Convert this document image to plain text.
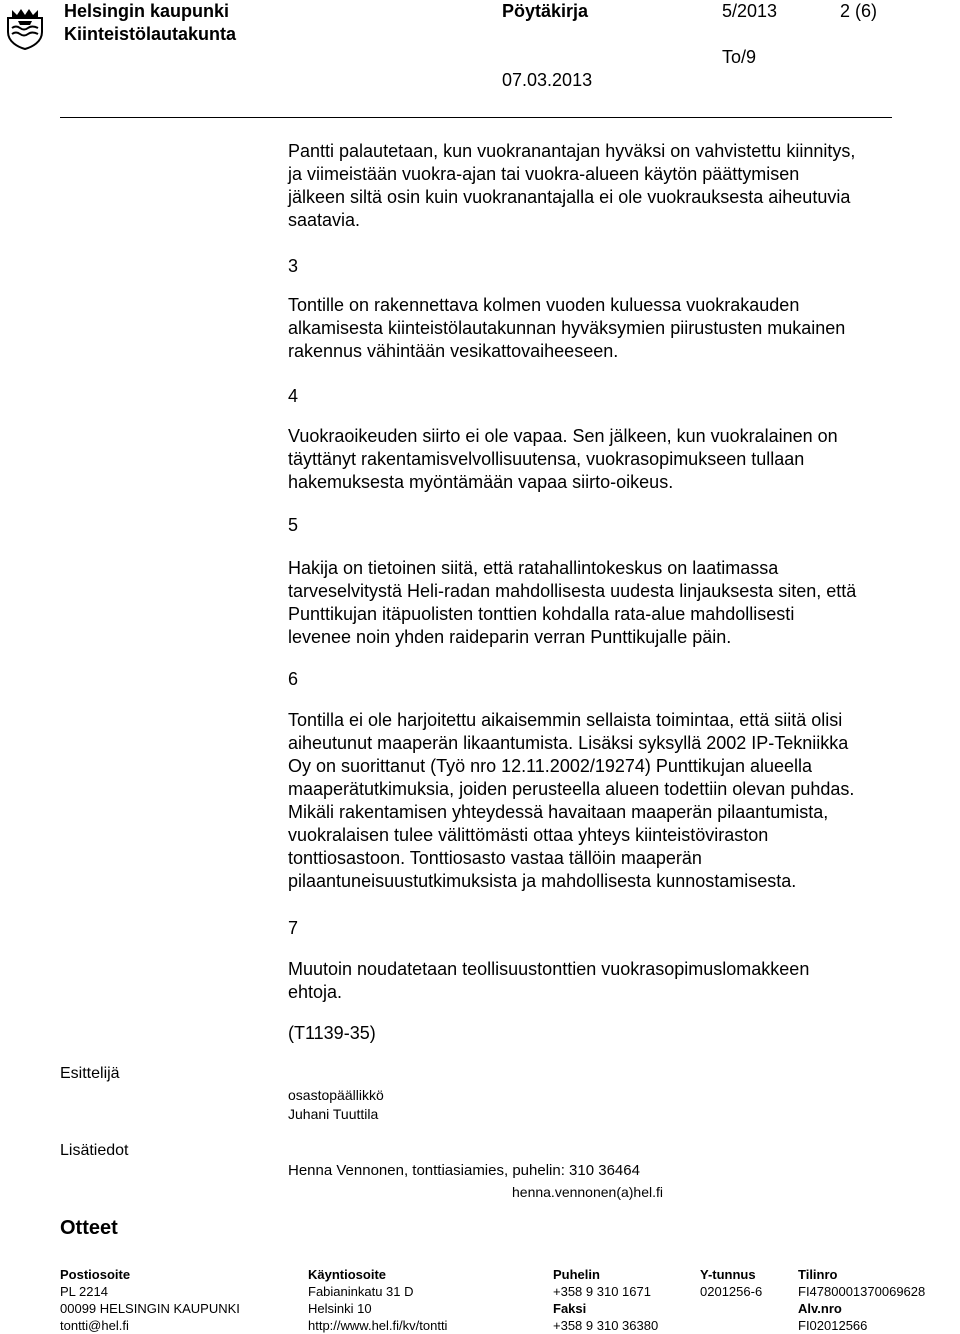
Helsingin kaupunki
Kiinteistölautakunta
Pöytäkirja	5/2013	2 (6)
To/9
07.03.2013

Pantti palautetaan, kun vuokranantajan hyväksi on vahvistettu kiinnitys,

ja viimeistään vuokra-ajan tai vuokra-alueen käytön päättymisen

jälkeen siltä osin kuin vuokranantajalla ei ole vuokrauksesta aiheutuvia

saatavia.

3

Tontille on rakennettava kolmen vuoden kuluessa vuokrakauden

alkamisesta kiinteistölautakunnan hyväksymien piirustusten mukainen

rakennus vähintään vesikattovaiheeseen.

4

Vuokraoikeuden siirto ei ole vapaa. Sen jälkeen, kun vuokralainen on

täyttänyt rakentamisvelvollisuutensa, vuokrasopimukseen tullaan

hakemuksesta myöntämään vapaa siirto-oikeus.

5

Hakija on tietoinen siitä, että ratahallintokeskus on laatimassa

tarveselvitystä Heli-radan mahdollisesta uudesta linjauksesta siten, että

Punttikujan itäpuolisten tonttien kohdalla rata-alue mahdollisesti

levenee noin yhden raideparin verran Punttikujalle päin.

6

Tontilla ei ole harjoitettu aikaisemmin sellaista toimintaa, että siitä olisi

aiheutunut maaperän likaantumista. Lisäksi syksyllä 2002 IP-Tekniikka

Oy on suorittanut (Työ nro 12.11.2002/19274) Punttikujan alueella

maaperätutkimuksia, joiden perusteella alueen todettiin olevan puhdas.

Mikäli rakentamisen yhteydessä havaitaan maaperän pilaantumista,

vuokralaisen tulee välittömästi ottaa yhteys kiinteistöviraston

tonttiosastoon. Tonttiosasto vastaa tällöin maaperän

pilaantuneisuustutkimuksista ja mahdollisesta kunnostamisesta.

7

Muutoin noudatetaan teollisuustonttien vuokrasopimuslomakkeen

ehtoja.

(T1139-35)
Esittelijä
osastopäällikkö
Juhani Tuuttila
Lisätiedot
Henna Vennonen, tonttiasiamies, puhelin: 310 36464
henna.vennonen(a)hel.fi
Otteet
Postiosoite
PL 2214
00099 HELSINGIN KAUPUNKI
tontti@hel.fi
Käyntiosoite
Fabianinkatu 31 D
Helsinki 10
http://www.hel.fi/kv/tontti
Puhelin
+358 9 310 1671
Faksi
+358 9 310 36380
Y-tunnus
0201256-6
Tilinro
FI4780001370069628
Alv.nro
FI02012566
